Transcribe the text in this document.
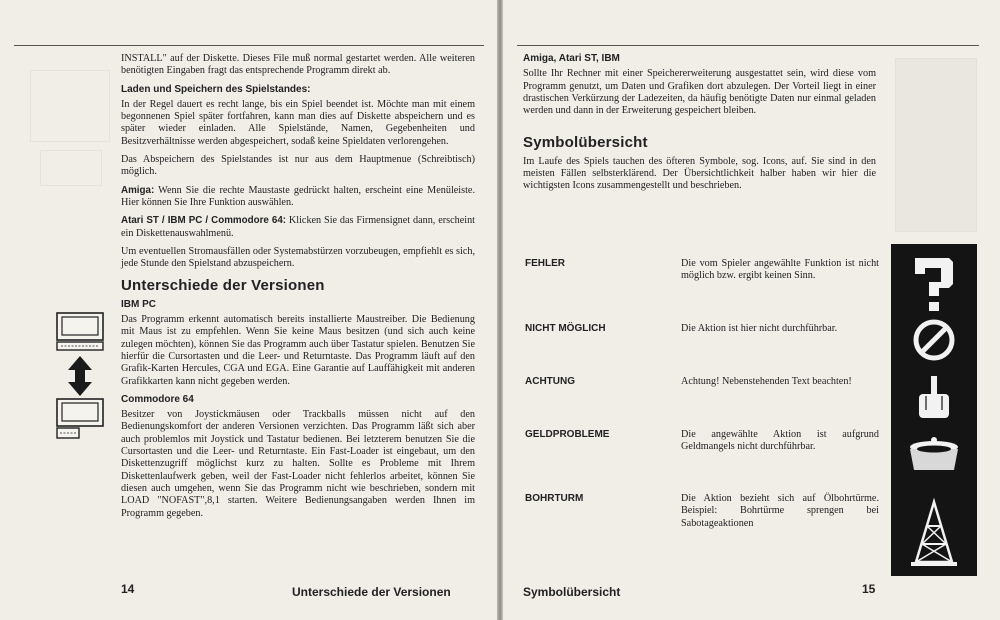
INSTALL" auf der Diskette. Dieses File muß normal gestartet werden. Alle weiteren benötigten Eingaben fragt das entsprechende Programm direkt ab.

Laden und Speichern des Spielstandes:

In der Regel dauert es recht lange, bis ein Spiel beendet ist. Möchte man mit einem begonnenen Spiel später fortfahren, kann man dies auf Diskette abspeichern und es später wieder einladen. Alle Spielstände, Namen, Gegebenheiten und Besitzverhältnisse werden abgespeichert, sodaß keine Spieldaten verlorengehen.

Das Abspeichern des Spielstandes ist nur aus dem Hauptmenue (Schreibtisch) möglich.

Amiga: Wenn Sie die rechte Maustaste gedrückt halten, erscheint eine Menüleiste. Hier können Sie Ihre Funktion auswählen.

Atari ST / IBM PC / Commodore 64: Klicken Sie das Firmensignet dann, erscheint ein Diskettenauswahlmenü.

Um eventuellen Stromausfällen oder Systemabstürzen vorzubeugen, empfiehlt es sich, jede Stunde den Spielstand abzuspeichern.

Unterschiede der Versionen
IBM PC

Das Programm erkennt automatisch bereits installierte Maustreiber. Die Bedienung mit Maus ist zu empfehlen. Wenn Sie keine Maus besitzen (und sich auch keine zulegen möchten), können Sie das Programm auch über Tastatur spielen. Benutzen Sie hierfür die Cursortasten und die Leer- und Returntaste. Das Programm läuft auf den Grafik-Karten Hercules, CGA und EGA. Eine Garantie auf Lauffähigkeit mit anderen Grafikkarten kann nicht gegeben werden.

Commodore 64

Besitzer von Joystickmäusen oder Trackballs müssen nicht auf den Bedienungskomfort der anderen Versionen verzichten. Das Programm läßt sich aber auch problemlos mit Joystick und Tastatur bedienen. Bei letzterem benutzen Sie die Cursortasten und die Leer- und Returntaste. Ein Fast-Loader ist eingebaut, um den Diskettenzugriff möglichst kurz zu halten. Sollte es Probleme mit Ihrem Diskettenlaufwerk geben, weil der Fast-Loader nicht fehlerlos arbeitet, können Sie diesen auch umgehen, wenn Sie das Programm nicht wie beschrieben, sondern mit LOAD "NOFAST",8,1 starten. Weitere Bedienungsangaben werden Ihnen im Programm gegeben.

14	Unterschiede der Versionen
Amiga, Atari ST, IBM

Sollte Ihr Rechner mit einer Speichererweiterung ausgestattet sein, wird diese vom Programm genutzt, um Daten und Grafiken dort abzulegen. Der Vorteil liegt in einer drastischen Verkürzung der Ladezeiten, da häufig benötigte Daten nur einmal geladen werden und dann in der Erweiterung gespeichert bleiben.

Symbolübersicht

Im Laufe des Spiels tauchen des öfteren Symbole, sog. Icons, auf. Sie sind in den meisten Fällen selbsterklärend. Der Übersichtlichkeit halber haben wir hier die wichtigsten Icons zusammengestellt und beschrieben.

FEHLER	Die vom Spieler angewählte Funktion ist nicht möglich bzw. ergibt keinen Sinn.
NICHT MÖGLICH	Die Aktion ist hier nicht durchführbar.
ACHTUNG	Achtung! Nebenstehenden Text beachten!
GELDPROBLEME	Die angewählte Aktion ist aufgrund Geldmangels nicht durchführbar.
BOHRTURM	Die Aktion bezieht sich auf Ölbohrtürme. Beispiel: Bohrtürme sprengen bei Sabotageaktionen
Symbolübersicht	15
